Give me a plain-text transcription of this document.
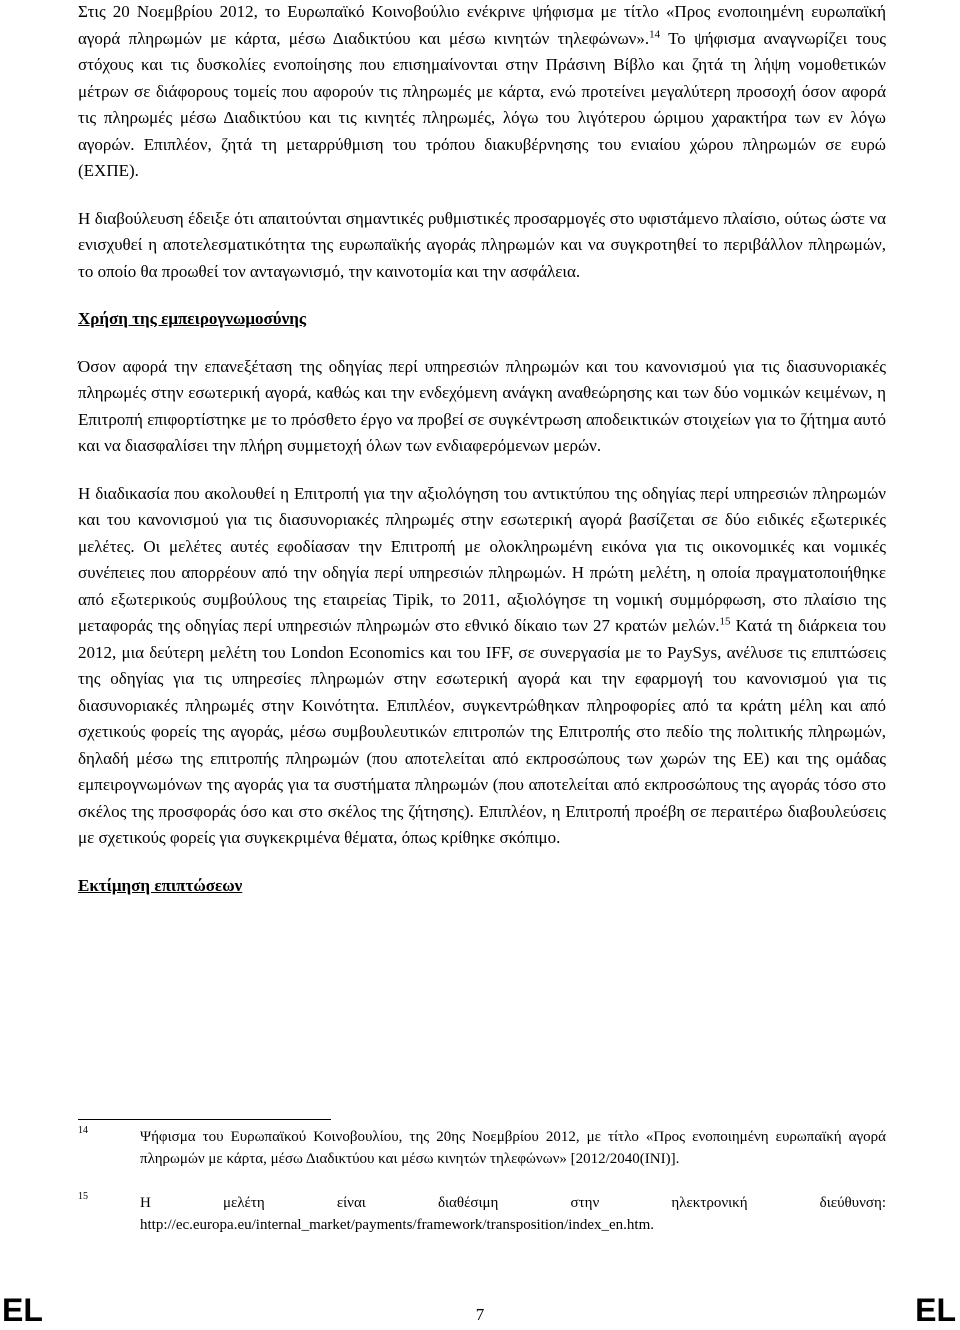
Στις 20 Νοεμβρίου 2012, το Ευρωπαϊκό Κοινοβούλιο ενέκρινε ψήφισμα με τίτλο «Προς ενοποιημένη ευρωπαϊκή αγορά πληρωμών με κάρτα, μέσω Διαδικτύου και μέσω κινητών τηλεφώνων».$^{14}$ Το ψήφισμα αναγνωρίζει τους στόχους και τις δυσκολίες ενοποίησης που επισημαίνονται στην Πράσινη Βίβλο και ζητά τη λήψη νομοθετικών μέτρων σε διάφορους τομείς που αφορούν τις πληρωμές με κάρτα, ενώ προτείνει μεγαλύτερη προσοχή όσον αφορά τις πληρωμές μέσω Διαδικτύου και τις κινητές πληρωμές, λόγω του λιγότερου ώριμου χαρακτήρα των εν λόγω αγορών. Επιπλέον, ζητά τη μεταρρύθμιση του τρόπου διακυβέρνησης του ενιαίου χώρου πληρωμών σε ευρώ (ΕΧΠΕ).

Η διαβούλευση έδειξε ότι απαιτούνται σημαντικές ρυθμιστικές προσαρμογές στο υφιστάμενο πλαίσιο, ούτως ώστε να ενισχυθεί η αποτελεσματικότητα της ευρωπαϊκής αγοράς πληρωμών και να συγκροτηθεί το περιβάλλον πληρωμών, το οποίο θα προωθεί τον ανταγωνισμό, την καινοτομία και την ασφάλεια.

Χρήση της εμπειρογνωμοσύνης

Όσον αφορά την επανεξέταση της οδηγίας περί υπηρεσιών πληρωμών και του κανονισμού για τις διασυνοριακές πληρωμές στην εσωτερική αγορά, καθώς και την ενδεχόμενη ανάγκη αναθεώρησης και των δύο νομικών κειμένων, η Επιτροπή επιφορτίστηκε με το πρόσθετο έργο να προβεί σε συγκέντρωση αποδεικτικών στοιχείων για το ζήτημα αυτό και να διασφαλίσει την πλήρη συμμετοχή όλων των ενδιαφερόμενων μερών.

Η διαδικασία που ακολουθεί η Επιτροπή για την αξιολόγηση του αντικτύπου της οδηγίας περί υπηρεσιών πληρωμών και του κανονισμού για τις διασυνοριακές πληρωμές στην εσωτερική αγορά βασίζεται σε δύο ειδικές εξωτερικές μελέτες. Οι μελέτες αυτές εφοδίασαν την Επιτροπή με ολοκληρωμένη εικόνα για τις οικονομικές και νομικές συνέπειες που απορρέουν από την οδηγία περί υπηρεσιών πληρωμών. Η πρώτη μελέτη, η οποία πραγματοποιήθηκε από εξωτερικούς συμβούλους της εταιρείας Tipik, το 2011, αξιολόγησε τη νομική συμμόρφωση, στο πλαίσιο της μεταφοράς της οδηγίας περί υπηρεσιών πληρωμών στο εθνικό δίκαιο των 27 κρατών μελών.$^{15}$ Κατά τη διάρκεια του 2012, μια δεύτερη μελέτη του London Economics και του IFF, σε συνεργασία με το PaySys, ανέλυσε τις επιπτώσεις της οδηγίας για τις υπηρεσίες πληρωμών στην εσωτερική αγορά και την εφαρμογή του κανονισμού για τις διασυνοριακές πληρωμές στην Κοινότητα. Επιπλέον, συγκεντρώθηκαν πληροφορίες από τα κράτη μέλη και από σχετικούς φορείς της αγοράς, μέσω συμβουλευτικών επιτροπών της Επιτροπής στο πεδίο της πολιτικής πληρωμών, δηλαδή μέσω της επιτροπής πληρωμών (που αποτελείται από εκπροσώπους των χωρών της ΕΕ) και της ομάδας εμπειρογνωμόνων της αγοράς για τα συστήματα πληρωμών (που αποτελείται από εκπροσώπους της αγοράς τόσο στο σκέλος της προσφοράς όσο και στο σκέλος της ζήτησης). Επιπλέον, η Επιτροπή προέβη σε περαιτέρω διαβουλεύσεις με σχετικούς φορείς για συγκεκριμένα θέματα, όπως κρίθηκε σκόπιμο.

Εκτίμηση επιπτώσεων
14	Ψήφισμα του Ευρωπαϊκού Κοινοβουλίου, της 20ης Νοεμβρίου 2012, με τίτλο «Προς ενοποιημένη ευρωπαϊκή αγορά πληρωμών με κάρτα, μέσω Διαδικτύου και μέσω κινητών τηλεφώνων» [2012/2040(INI)].
15	Η μελέτη είναι διαθέσιμη στην ηλεκτρονική διεύθυνση: http://ec.europa.eu/internal_market/payments/framework/transposition/index_en.htm.
EL	7	EL
